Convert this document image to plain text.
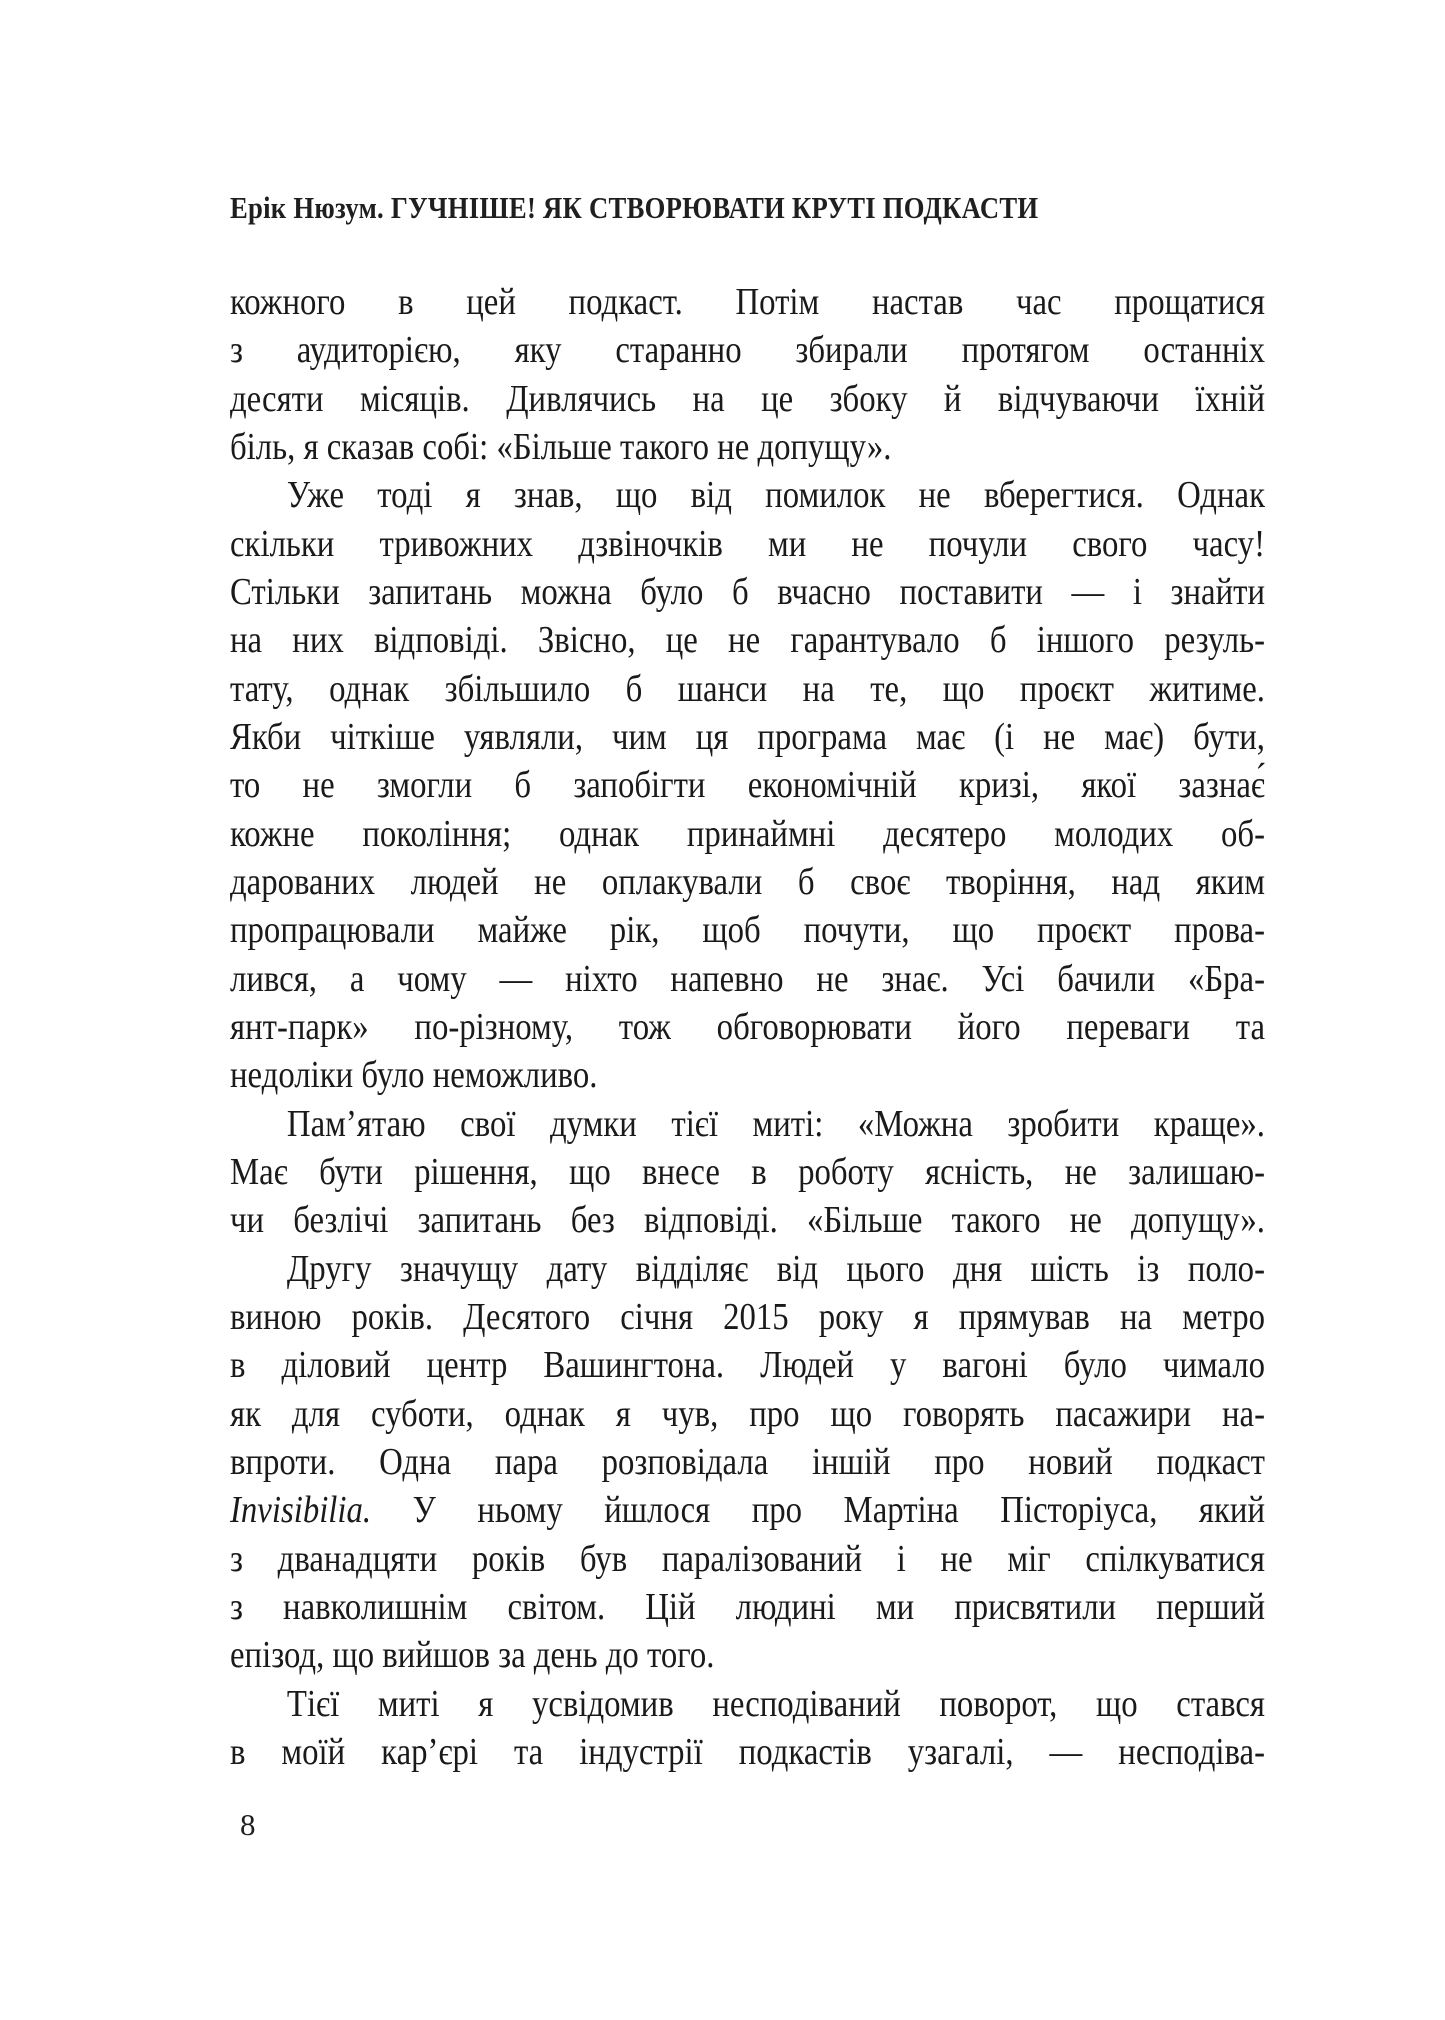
Ерік Нюзум. ГУЧНІШЕ! ЯК СТВОРЮВАТИ КРУТІ ПОДКАСТИ
кожного в цей подкаст. Потім настав час прощатися
з аудиторією, яку старанно збирали протягом останніх
десяти місяців. Дивлячись на це збоку й відчуваючи їхній
біль, я сказав собі: «Більше такого не допущу».
Уже тоді я знав, що від помилок не вберегтися. Однак
скільки тривожних дзвіночків ми не почули свого часу!
Стільки запитань можна було б вчасно поставити — і знайти
на них відповіді. Звісно, це не гарантувало б іншого резуль-
тату, однак збільшило б шанси на те, що проєкт житиме.
Якби чіткіше уявляли, чим ця програма має (і не має) бути,
то не змогли б запобігти економічній кризі, якої зазнає́
кожне покоління; однак принаймні десятеро молодих об-
дарованих людей не оплакували б своє творіння, над яким
пропрацювали майже рік, щоб почути, що проєкт прова-
лився, а чому — ніхто напевно не знає. Усі бачили «Бра-
янт-парк» по-різному, тож обговорювати його переваги та
недоліки було неможливо.
Пам’ятаю свої думки тієї миті: «Можна зробити краще».
Має бути рішення, що внесе в роботу ясність, не залишаю-
чи безлічі запитань без відповіді. «Більше такого не допущу».
Другу значущу дату відділяє від цього дня шість із поло-
виною років. Десятого січня 2015 року я прямував на метро
в діловий центр Вашингтона. Людей у вагоні було чимало
як для суботи, однак я чув, про що говорять пасажири на-
впроти. Одна пара розповідала іншій про новий подкаст
Invisibilia. У ньому йшлося про Мартіна Пісторіуса, який
з дванадцяти років був паралізований і не міг спілкуватися
з навколишнім світом. Цій людині ми присвятили перший
епізод, що вийшов за день до того.
Тієї миті я усвідомив несподіваний поворот, що стався
в моїй кар’єрі та індустрії подкастів узагалі, — несподіва-
8
